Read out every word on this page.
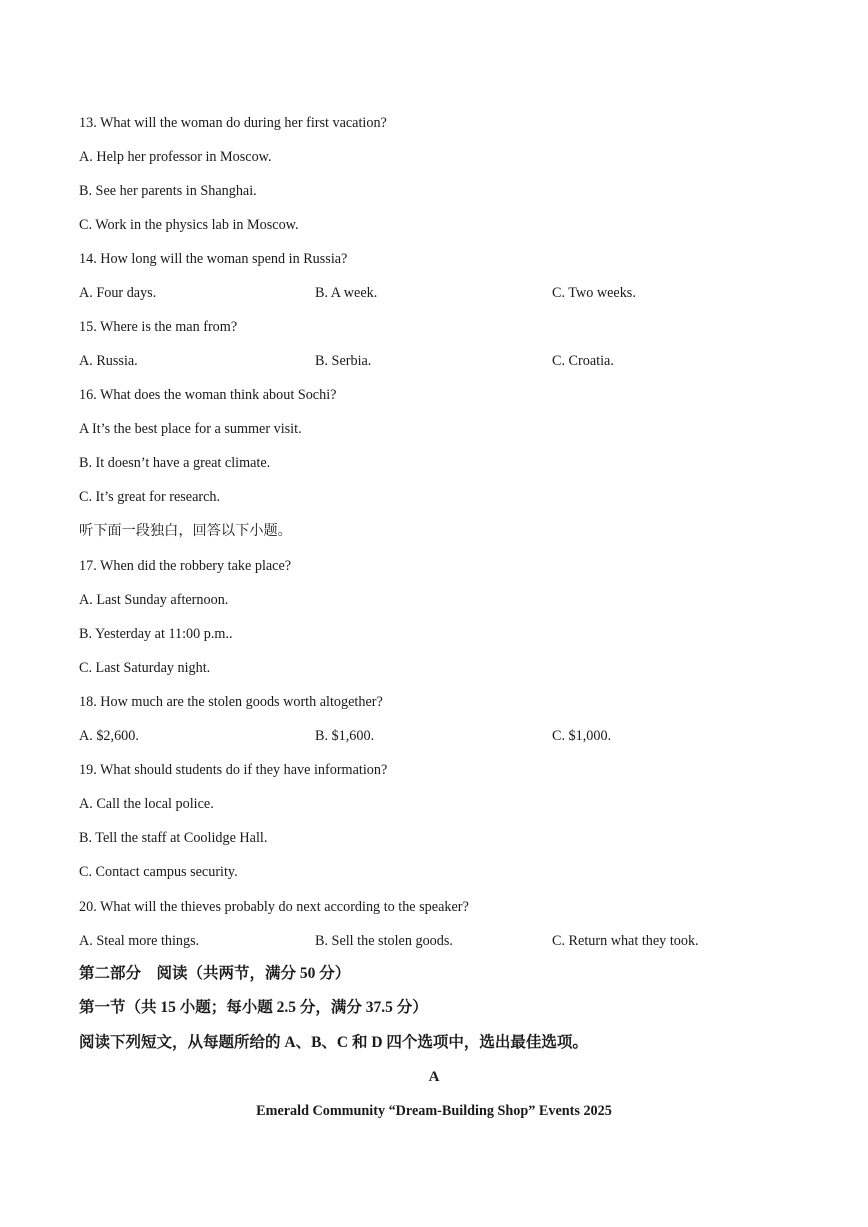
13. What will the woman do during her first vacation?
A. Help her professor in Moscow.
B. See her parents in Shanghai.
C. Work in the physics lab in Moscow.
14. How long will the woman spend in Russia?
A. Four days.	B. A week.	C. Two weeks.
15. Where is the man from?
A. Russia.	B. Serbia.	C. Croatia.
16. What does the woman think about Sochi?
A It’s the best place for a summer visit.
B. It doesn’t have a great climate.
C. It’s great for research.
听下面一段独白，回答以下小题。
17. When did the robbery take place?
A. Last Sunday afternoon.
B. Yesterday at 11:00 p.m..
C. Last Saturday night.
18. How much are the stolen goods worth altogether?
A. $2,600.	B. $1,600.	C. $1,000.
19. What should students do if they have information?
A. Call the local police.
B. Tell the staff at Coolidge Hall.
C. Contact campus security.
20. What will the thieves probably do next according to the speaker?
A. Steal more things.	B. Sell the stolen goods.	C. Return what they took.
第二部分　阅读（共两节，满分 50 分）
第一节（共 15 小题；每小题 2.5 分，满分 37.5 分）
阅读下列短文，从每题所给的 A、B、C 和 D 四个选项中，选出最佳选项。
A
Emerald Community “Dream-Building Shop” Events 2025
